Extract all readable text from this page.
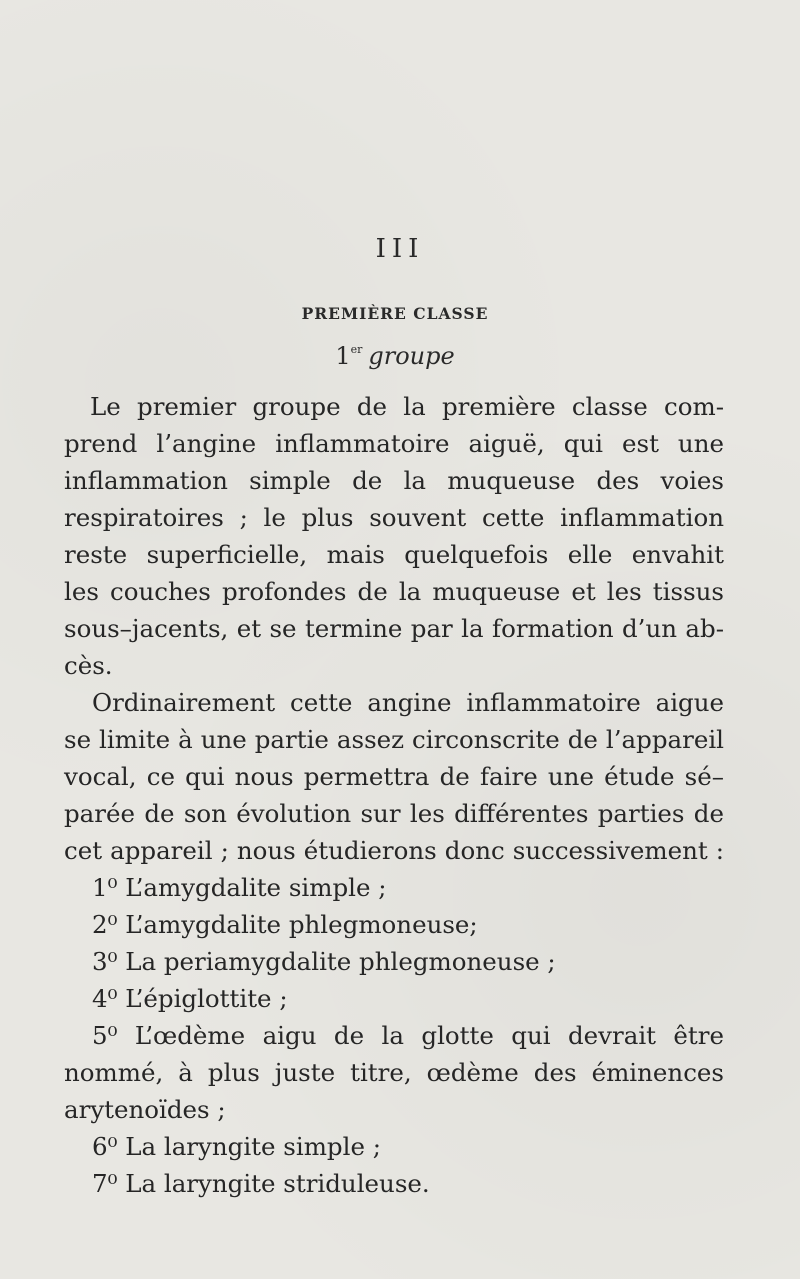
III
PREMIÈRE CLASSE
1er groupe
Le premier groupe de la première classe com-
prend l’angine inflammatoire aiguë, qui est une
inflammation simple de la muqueuse des voies
respiratoires ; le plus souvent cette inflammation
reste superficielle, mais quelquefois elle envahit
les couches profondes de la muqueuse et les tissus
sous–jacents, et se termine par la formation d’un ab-
cès.
Ordinairement cette angine inflammatoire aigue
se limite à une partie assez circonscrite de l’appareil
vocal, ce qui nous permettra de faire une étude sé–
parée de son évolution sur les différentes parties de
cet appareil ; nous étudierons donc successivement :
1⁰ L’amygdalite simple ;
2⁰ L’amygdalite phlegmoneuse;
3⁰ La periamygdalite phlegmoneuse ;
4⁰ L’épiglottite ;
5⁰ L’œdème aigu de la glotte qui devrait être
nommé, à plus juste titre, œdème des éminences
arytenoïdes ;
6⁰ La laryngite simple ;
7⁰ La laryngite striduleuse.
